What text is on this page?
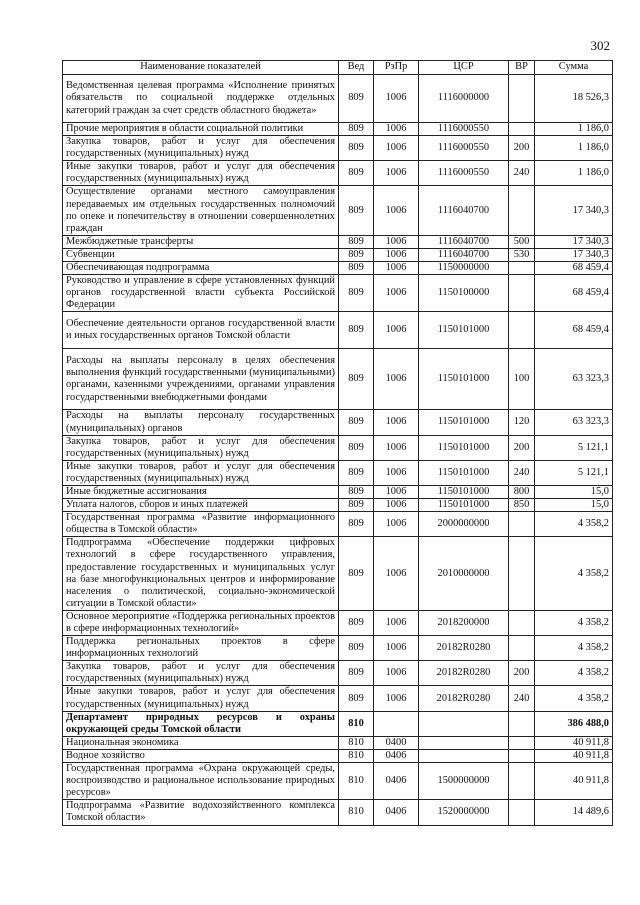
302
Наименование показателей	Вед	РзПр	ЦСР	ВР	Сумма
Ведомственная целевая программа «Исполнение принятых обязательств по социальной поддержке отдельных категорий граждан за счет средств областного бюджета»	809	1006	1116000000		18 526,3
Прочие мероприятия в области социальной политики	809	1006	1116000550		1 186,0
Закупка товаров, работ и услуг для обеспечения государственных (муниципальных) нужд	809	1006	1116000550	200	1 186,0
Иные закупки товаров, работ и услуг для обеспечения государственных (муниципальных) нужд	809	1006	1116000550	240	1 186,0
Осуществление органами местного самоуправления передаваемых им отдельных государственных полномочий по опеке и попечительству в отношении совершеннолетних граждан	809	1006	1116040700		17 340,3
Межбюджетные трансферты	809	1006	1116040700	500	17 340,3
Субвенции	809	1006	1116040700	530	17 340,3
Обеспечивающая подпрограмма	809	1006	1150000000		68 459,4
Руководство и управление в сфере установленных функций органов государственной власти субъекта Российской Федерации	809	1006	1150100000		68 459,4
Обеспечение деятельности органов государственной власти и иных государственных органов Томской области	809	1006	1150101000		68 459,4
Расходы на выплаты персоналу в целях обеспечения выполнения функций государственными (муниципальными) органами, казенными учреждениями, органами управления государственными внебюджетными фондами	809	1006	1150101000	100	63 323,3
Расходы на выплаты персоналу государственных (муниципальных) органов	809	1006	1150101000	120	63 323,3
Закупка товаров, работ и услуг для обеспечения государственных (муниципальных) нужд	809	1006	1150101000	200	5 121,1
Иные закупки товаров, работ и услуг для обеспечения государственных (муниципальных) нужд	809	1006	1150101000	240	5 121,1
Иные бюджетные ассигнования	809	1006	1150101000	800	15,0
Уплата налогов, сборов и иных платежей	809	1006	1150101000	850	15,0
Государственная программа «Развитие информационного общества в Томской области»	809	1006	2000000000		4 358,2
Подпрограмма «Обеспечение поддержки цифровых технологий в сфере государственного управления, предоставление государственных и муниципальных услуг на базе многофункциональных центров и информирование населения о политической, социально-экономической ситуации в Томской области»	809	1006	2010000000		4 358,2
Основное мероприятие «Поддержка региональных проектов в сфере информационных технологий»	809	1006	2018200000		4 358,2
Поддержка региональных проектов в сфере информационных технологий	809	1006	20182R0280		4 358,2
Закупка товаров, работ и услуг для обеспечения государственных (муниципальных) нужд	809	1006	20182R0280	200	4 358,2
Иные закупки товаров, работ и услуг для обеспечения государственных (муниципальных) нужд	809	1006	20182R0280	240	4 358,2
Департамент природных ресурсов и охраны окружающей среды Томской области	810				386 488,0
Национальная экономика	810	0400			40 911,8
Водное хозяйство	810	0406			40 911,8
Государственная программа «Охрана окружающей среды, воспроизводство и рациональное использование природных ресурсов»	810	0406	1500000000		40 911,8
Подпрограмма «Развитие водохозяйственного комплекса Томской области»	810	0406	1520000000		14 489,6
